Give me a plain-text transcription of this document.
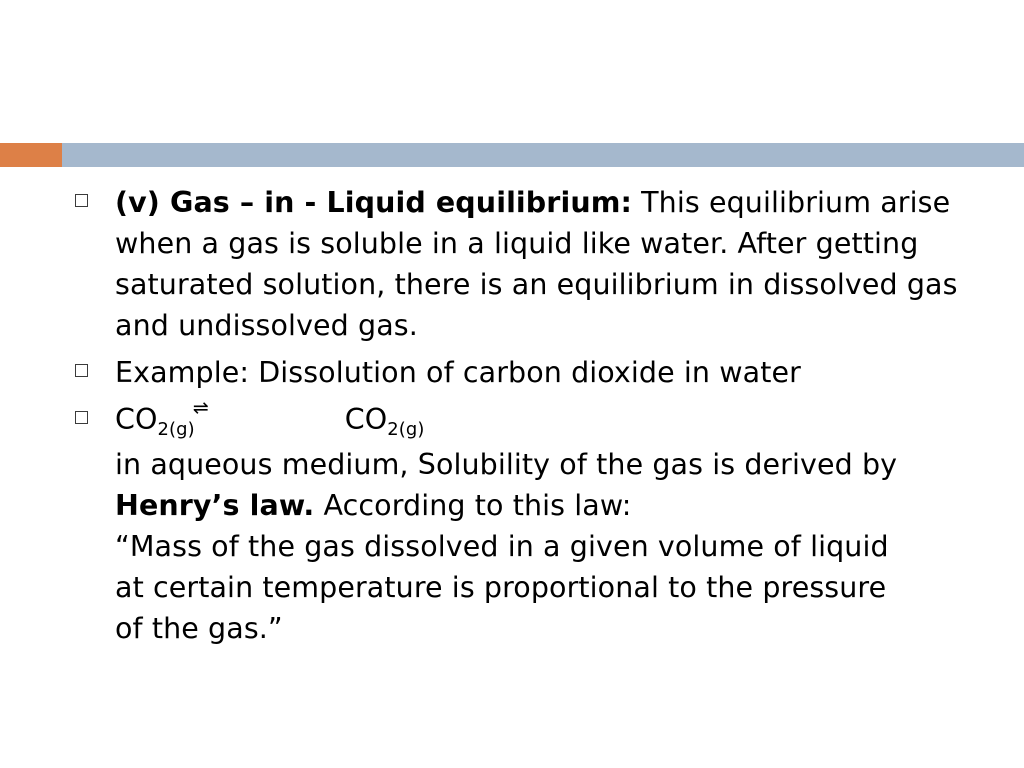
(v) Gas – in - Liquid equilibrium: This equilibrium arise when a gas is soluble in a liquid like water. After getting saturated solution, there is an equilibrium in dissolved gas and undissolved gas.
Example: Dissolution of carbon dioxide in water
$CO_{2(g)}$
⇌	$CO_{2(g)}$
in aqueous medium, Solubility of the gas is derived by
Henry’s law. According to this law:
“Mass of the gas dissolved in a given volume of liquid
at certain temperature is proportional to the pressure
of the gas.”
